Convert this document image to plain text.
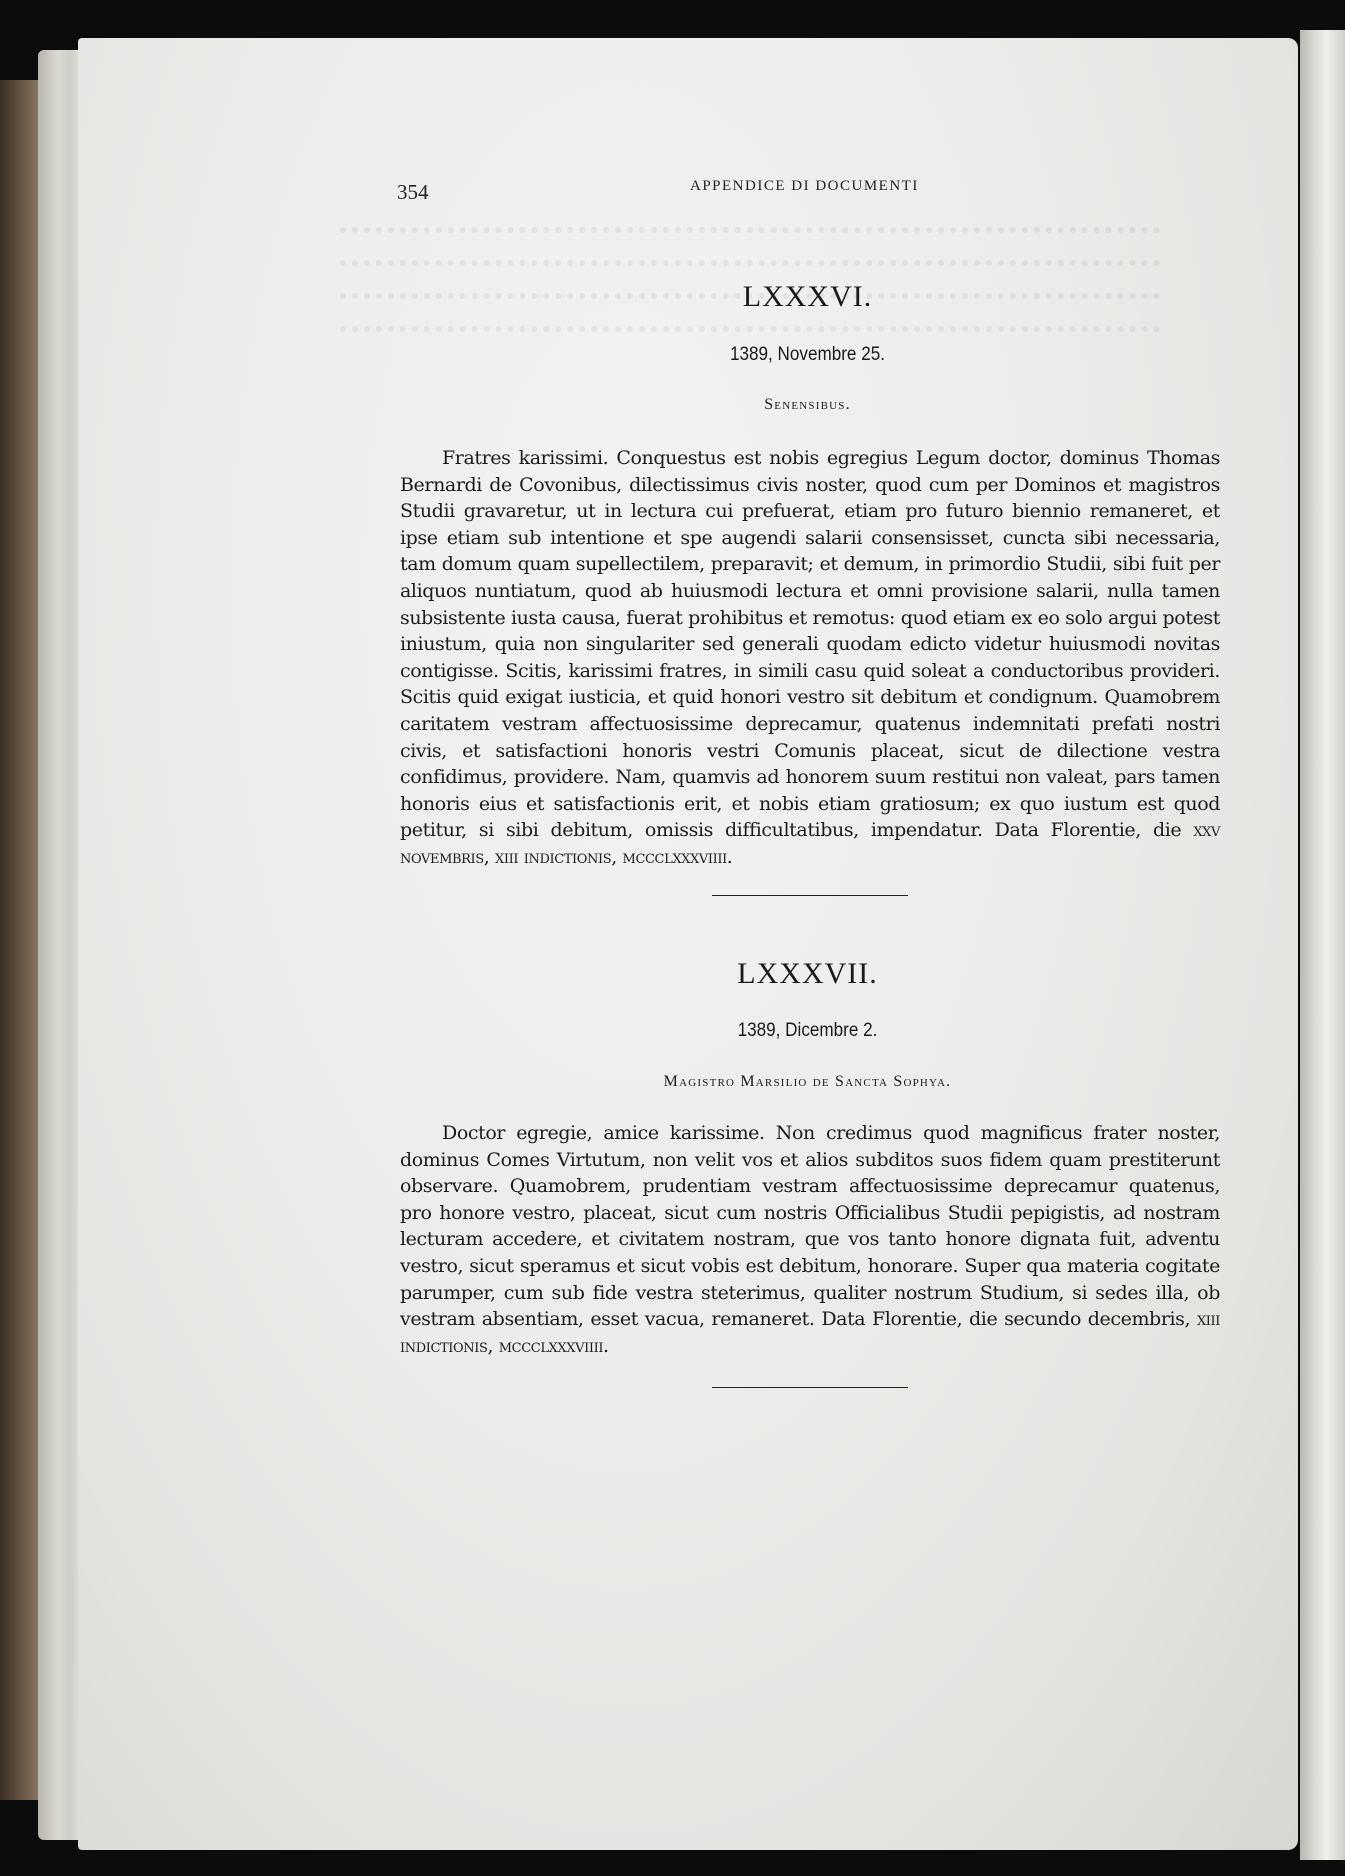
354	APPENDICE DI DOCUMENTI
LXXXVI.
1389, Novembre 25.
Senensibus.

Fratres karissimi. Conquestus est nobis egregius Legum doctor, dominus Thomas Bernardi de Covonibus, dilectissimus civis noster, quod cum per Dominos et magistros Studii gravaretur, ut in lectura cui prefuerat, etiam pro futuro biennio remaneret, et ipse etiam sub intentione et spe augendi salarii consensisset, cuncta sibi necessaria, tam domum quam supellectilem, preparavit; et demum, in primordio Studii, sibi fuit per aliquos nuntiatum, quod ab huiusmodi lectura et omni provisione salarii, nulla tamen subsistente iusta causa, fuerat prohibitus et remotus: quod etiam ex eo solo argui potest iniustum, quia non singulariter sed generali quodam edicto videtur huiusmodi novitas contigisse. Scitis, karissimi fratres, in simili casu quid soleat a conductoribus provideri. Scitis quid exigat iusticia, et quid honori vestro sit debitum et condignum. Quamobrem caritatem vestram affectuosissime deprecamur, quatenus indemnitati prefati nostri civis, et satisfactioni honoris vestri Comunis placeat, sicut de dilectione vestra confidimus, providere. Nam, quamvis ad honorem suum restitui non valeat, pars tamen honoris eius et satisfactionis erit, et nobis etiam gratiosum; ex quo iustum est quod petitur, si sibi debitum, omissis difficultatibus, impendatur. Data Florentie, die xxv novembris, xiii indictionis, mccclxxxviiii.

LXXXVII.
1389, Dicembre 2.
Magistro Marsilio de Sancta Sophya.

Doctor egregie, amice karissime. Non credimus quod magnificus frater noster, dominus Comes Virtutum, non velit vos et alios subditos suos fidem quam prestiterunt observare. Quamobrem, prudentiam vestram affectuosissime deprecamur quatenus, pro honore vestro, placeat, sicut cum nostris Officialibus Studii pepigistis, ad nostram lecturam accedere, et civitatem nostram, que vos tanto honore dignata fuit, adventu vestro, sicut speramus et sicut vobis est debitum, honorare. Super qua materia cogitate parumper, cum sub fide vestra steterimus, qualiter nostrum Studium, si sedes illa, ob vestram absentiam, esset vacua, remaneret. Data Florentie, die secundo decembris, xiii indictionis, mccclxxxviiii.
